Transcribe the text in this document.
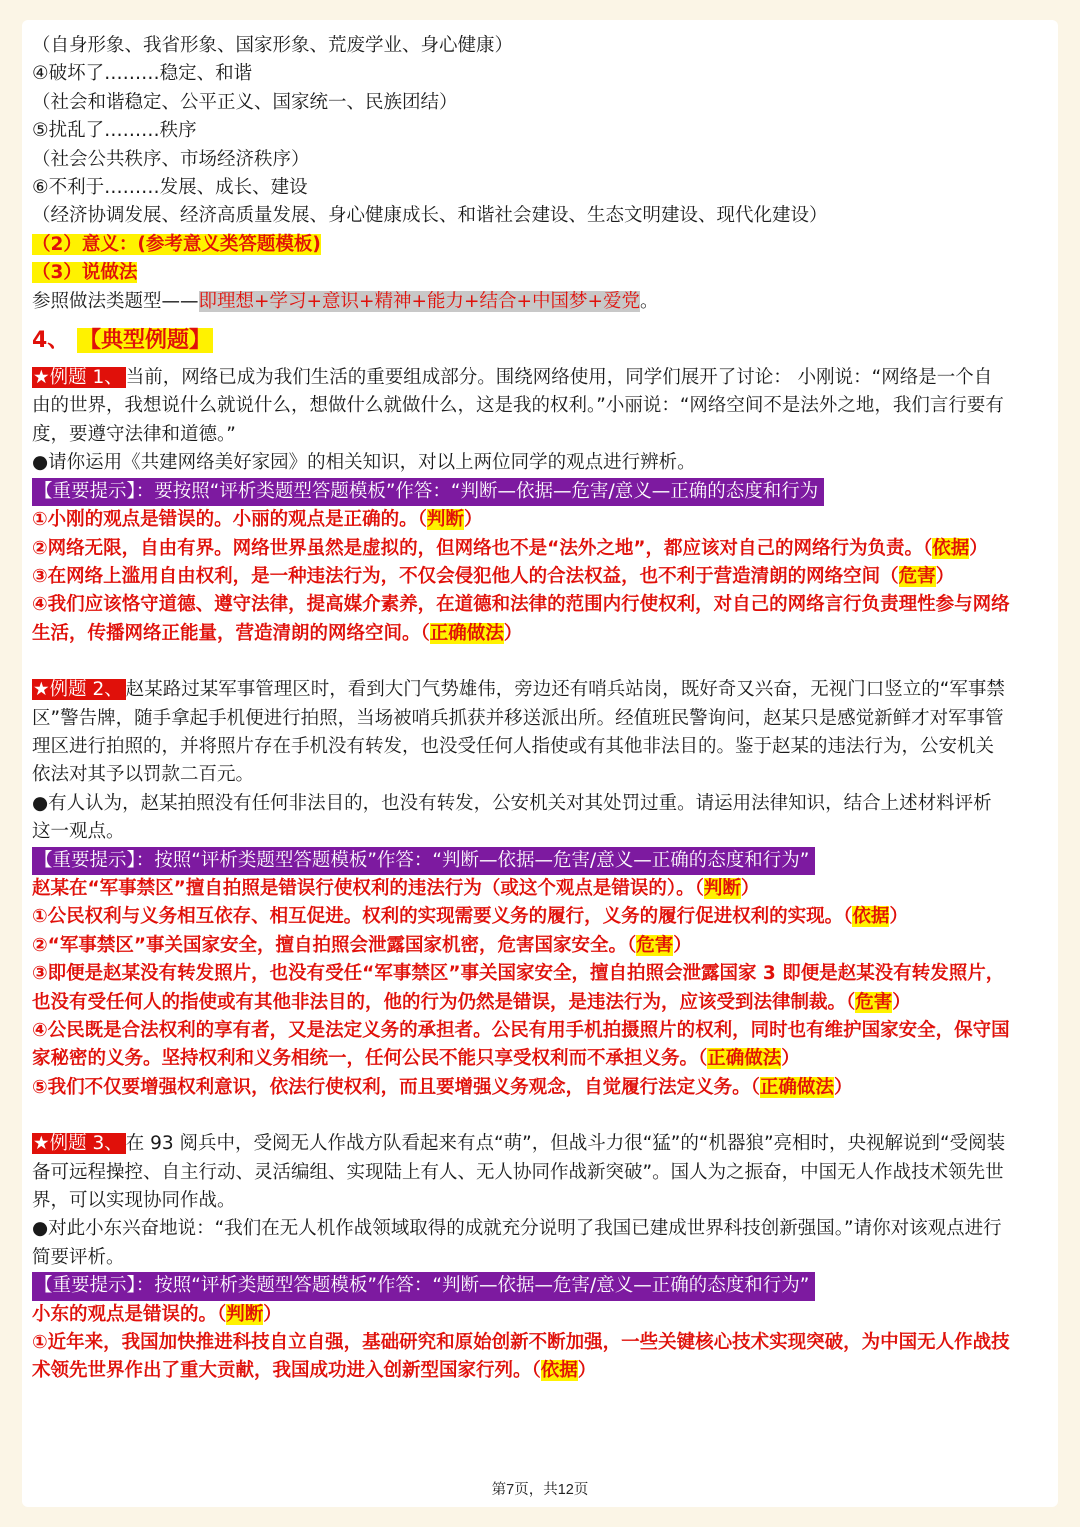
（自身形象、我省形象、国家形象、荒废学业、身心健康）
④破坏了………稳定、和谐
（社会和谐稳定、公平正义、国家统一、民族团结）
⑤扰乱了………秩序
（社会公共秩序、市场经济秩序）
⑥不利于………发展、成长、建设
（经济协调发展、经济高质量发展、身心健康成长、和谐社会建设、生态文明建设、现代化建设）
（2）意义：(参考意义类答题模板)
（3）说做法
参照做法类题型——即理想+学习+意识+精神+能力+结合+中国梦+爱党。
4、 【典型例题】
★例题 1、 当前，网络已成为我们生活的重要组成部分。围绕网络使用，同学们展开了讨论： 小刚说：“网络是一个自由的世界，我想说什么就说什么，想做什么就做什么，这是我的权利。”小丽说：“网络空间不是法外之地，我们言行要有度，要遵守法律和道德。”
●请你运用《共建网络美好家园》的相关知识，对以上两位同学的观点进行辨析。
【重要提示】：要按照“评析类题型答题模板”作答：“判断—依据—危害/意义—正确的态度和行为
①小刚的观点是错误的。小丽的观点是正确的。（判断）
②网络无限，自由有界。网络世界虽然是虚拟的，但网络也不是“法外之地”，都应该对自己的网络行为负责。（依据）
③在网络上滥用自由权利，是一种违法行为，不仅会侵犯他人的合法权益，也不利于营造清朗的网络空间（危害）
④我们应该恪守道德、遵守法律，提高媒介素养，在道德和法律的范围内行使权利，对自己的网络言行负责理性参与网络生活，传播网络正能量，营造清朗的网络空间。（正确做法）
★例题 2、 赵某路过某军事管理区时，看到大门气势雄伟，旁边还有哨兵站岗，既好奇又兴奋，无视门口竖立的“军事禁区”警告牌，随手拿起手机便进行拍照，当场被哨兵抓获并移送派出所。经值班民警询问，赵某只是感觉新鲜才对军事管理区进行拍照的，并将照片存在手机没有转发，也没受任何人指使或有其他非法目的。鉴于赵某的违法行为，公安机关依法对其予以罚款二百元。
●有人认为，赵某拍照没有任何非法目的，也没有转发，公安机关对其处罚过重。请运用法律知识，结合上述材料评析这一观点。
【重要提示】：按照“评析类题型答题模板”作答：“判断—依据—危害/意义—正确的态度和行为”
赵某在“军事禁区”擅自拍照是错误行使权利的违法行为（或这个观点是错误的）。（判断）
①公民权利与义务相互依存、相互促进。权利的实现需要义务的履行，义务的履行促进权利的实现。（依据）
②“军事禁区”事关国家安全，擅自拍照会泄露国家机密，危害国家安全。（危害）
③即便是赵某没有转发照片，也没有受任“军事禁区”事关国家安全，擅自拍照会泄露国家 3 即便是赵某没有转发照片，也没有受任何人的指使或有其他非法目的，他的行为仍然是错误，是违法行为，应该受到法律制裁。（危害）
④公民既是合法权利的享有者，又是法定义务的承担者。公民有用手机拍摄照片的权利，同时也有维护国家安全，保守国家秘密的义务。坚持权利和义务相统一，任何公民不能只享受权利而不承担义务。（正确做法）
⑤我们不仅要增强权利意识，依法行使权利，而且要增强义务观念，自觉履行法定义务。（正确做法）
★例题 3、 在 93 阅兵中，受阅无人作战方队看起来有点“萌”，但战斗力很“猛”的“机器狼”亮相时，央视解说到“受阅装备可远程操控、自主行动、灵活编组、实现陆上有人、无人协同作战新突破”。国人为之振奋，中国无人作战技术领先世界，可以实现协同作战。
●对此小东兴奋地说：“我们在无人机作战领域取得的成就充分说明了我国已建成世界科技创新强国。”请你对该观点进行简要评析。
【重要提示】：按照“评析类题型答题模板”作答：“判断—依据—危害/意义—正确的态度和行为”
小东的观点是错误的。（判断）
①近年来，我国加快推进科技自立自强，基础研究和原始创新不断加强，一些关键核心技术实现突破，为中国无人作战技术领先世界作出了重大贡献，我国成功进入创新型国家行列。（依据）
第7页，共12页
